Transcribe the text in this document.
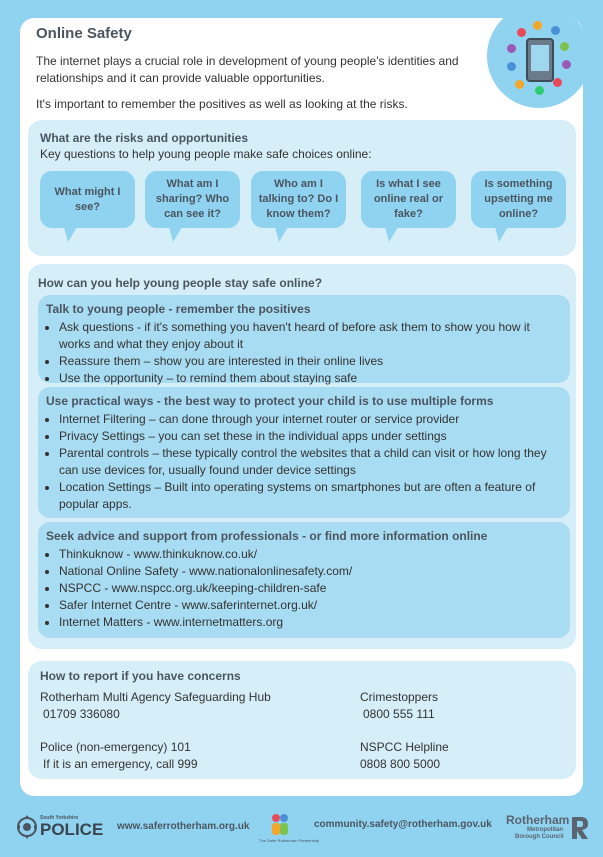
Online Safety

The internet plays a crucial role in development of young people's identities and relationships and it can provide valuable opportunities.

It's important to remember the positives as well as looking at the risks.

What are the risks and opportunities
Key questions to help young people make safe choices online:
What might I see?
What am I sharing? Who can see it?
Who am I talking to? Do I know them?
Is what I see online real or fake?
Is something upsetting me online?
How can you help young people stay safe online?
Talk to young people - remember the positives
• Ask questions - if it's something you haven't heard of before ask them to show you how it works and what they enjoy about it
• Reassure them – show you are interested in their online lives
• Use the opportunity – to remind them about staying safe
Use practical ways - the best way to protect your child is to use multiple forms
• Internet Filtering – can done through your internet router or service provider
• Privacy Settings – you can set these in the individual apps under settings
• Parental controls – these typically control the websites that a child can visit or how long they can use devices for, usually found under device settings
• Location Settings – Built into operating systems on smartphones but are often a feature of popular apps.
Seek advice and support from professionals - or find more information online
• Thinkuknow - www.thinkuknow.co.uk/
• National Online Safety - www.nationalonlinesafety.com/
• NSPCC - www.nspcc.org.uk/keeping-children-safe
• Safer Internet Centre - www.saferinternet.org.uk/
• Internet Matters - www.internetmatters.org
How to report if you have concerns
Rotherham Multi Agency Safeguarding Hub
01709 336080
Crimestoppers
0800 555 111
Police (non-emergency) 101
If it is an emergency, call 999
NSPCC Helpline
0808 800 5000
South Yorkshire
POLICE www.saferrotherham.org.uk
The Safer Rotherham Partnership
community.safety@rotherham.gov.uk Rotherham
Metropolitan
Borough Council
